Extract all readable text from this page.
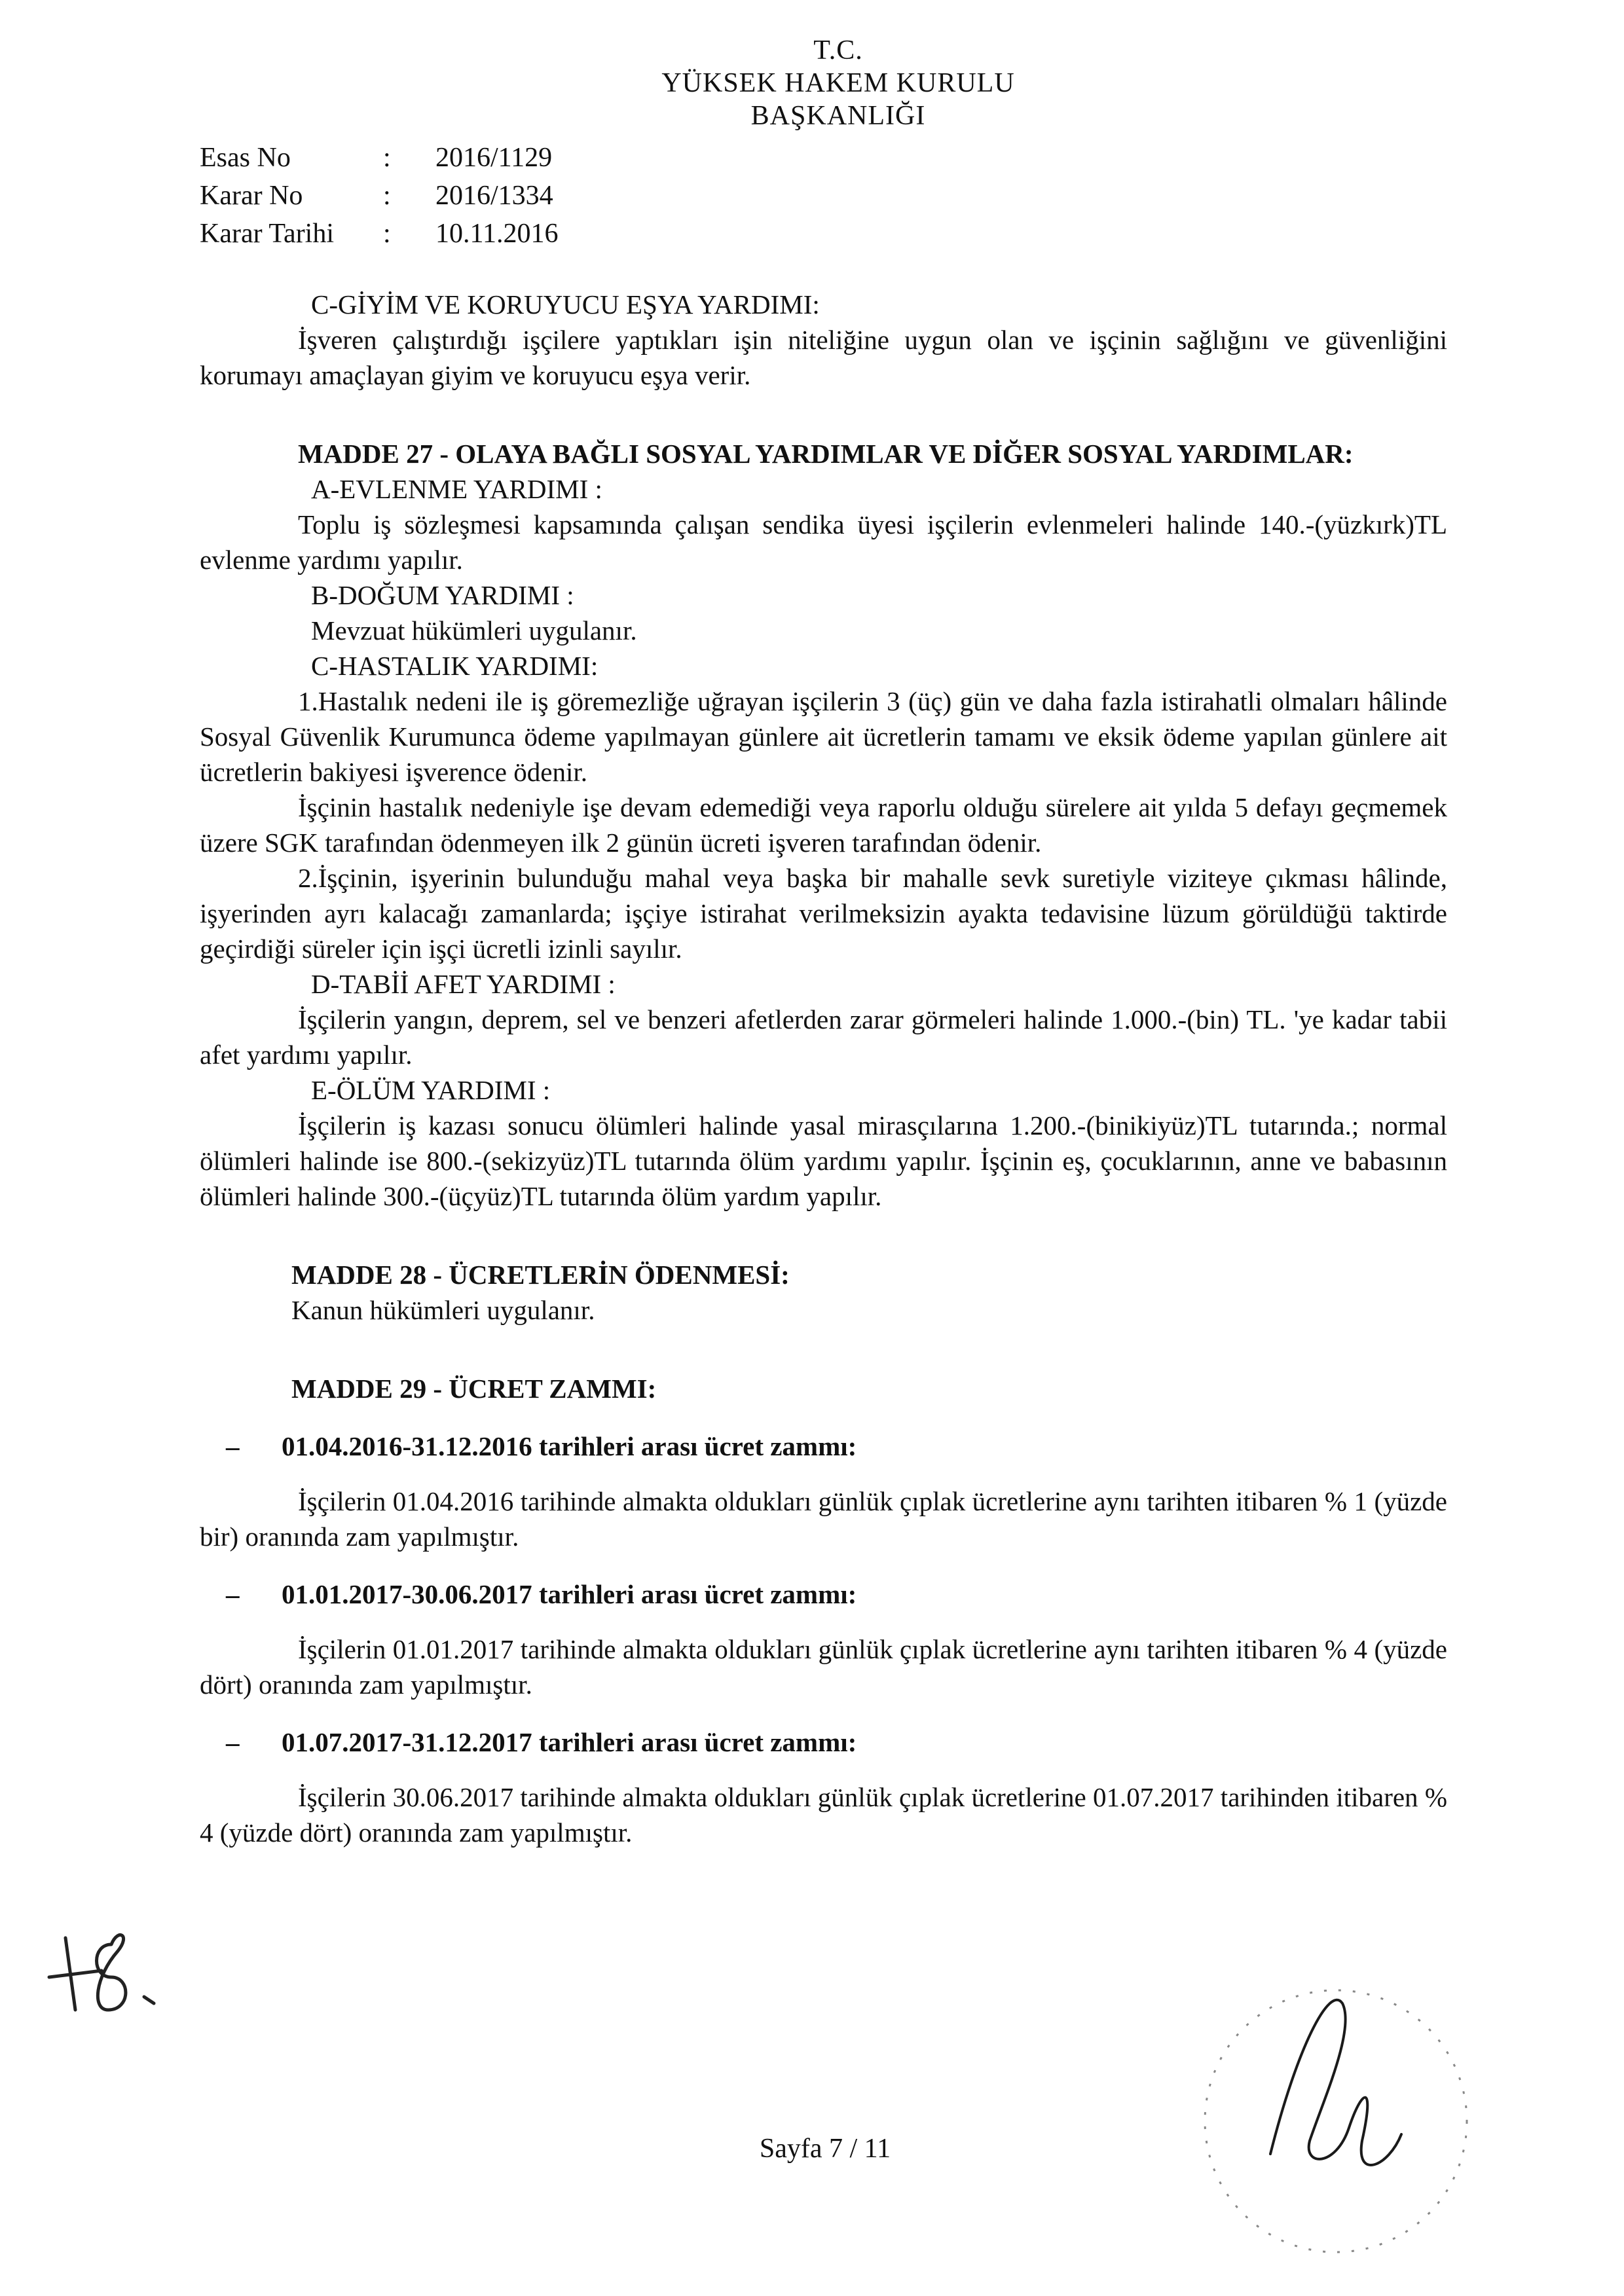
T.C.
YÜKSEK HAKEM KURULU
BAŞKANLIĞI
Esas No	:	2016/1129
Karar No	:	2016/1334
Karar Tarihi	:	10.11.2016

C-GİYİM VE KORUYUCU EŞYA YARDIMI:

İşveren çalıştırdığı işçilere yaptıkları işin niteliğine uygun olan ve işçinin sağlığını ve güvenliğini korumayı amaçlayan giyim ve koruyucu eşya verir.

MADDE 27 - OLAYA BAĞLI SOSYAL YARDIMLAR VE DİĞER SOSYAL YARDIMLAR:

A-EVLENME YARDIMI :

Toplu iş sözleşmesi kapsamında çalışan sendika üyesi işçilerin evlenmeleri halinde 140.-(yüzkırk)TL evlenme yardımı yapılır.

B-DOĞUM YARDIMI :

Mevzuat hükümleri uygulanır.

C-HASTALIK YARDIMI:

1.Hastalık nedeni ile iş göremezliğe uğrayan işçilerin 3 (üç) gün ve daha fazla istirahatli olmaları hâlinde Sosyal Güvenlik Kurumunca ödeme yapılmayan günlere ait ücretlerin tamamı ve eksik ödeme yapılan günlere ait ücretlerin bakiyesi işverence ödenir.

İşçinin hastalık nedeniyle işe devam edemediği veya raporlu olduğu sürelere ait yılda 5 defayı geçmemek üzere SGK tarafından ödenmeyen ilk 2 günün ücreti işveren tarafından ödenir.

2.İşçinin, işyerinin bulunduğu mahal veya başka bir mahalle sevk suretiyle viziteye çıkması hâlinde, işyerinden ayrı kalacağı zamanlarda; işçiye istirahat verilmeksizin ayakta tedavisine lüzum görüldüğü taktirde geçirdiği süreler için işçi ücretli izinli sayılır.

D-TABİİ AFET YARDIMI :

İşçilerin yangın, deprem, sel ve benzeri afetlerden zarar görmeleri halinde 1.000.-(bin) TL. 'ye kadar tabii afet yardımı yapılır.

E-ÖLÜM YARDIMI :

İşçilerin iş kazası sonucu ölümleri halinde yasal mirasçılarına 1.200.-(binikiyüz)TL tutarında.; normal ölümleri halinde ise 800.-(sekizyüz)TL tutarında ölüm yardımı yapılır. İşçinin eş, çocuklarının, anne ve babasının ölümleri halinde 300.-(üçyüz)TL tutarında ölüm yardım yapılır.

MADDE 28 - ÜCRETLERİN ÖDENMESİ:

Kanun hükümleri uygulanır.

MADDE 29 - ÜCRET ZAMMI:

–	01.04.2016-31.12.2016 tarihleri arası ücret zammı:

İşçilerin 01.04.2016 tarihinde almakta oldukları günlük çıplak ücretlerine aynı tarihten itibaren % 1 (yüzde bir) oranında zam yapılmıştır.

–	01.01.2017-30.06.2017 tarihleri arası ücret zammı:

İşçilerin 01.01.2017 tarihinde almakta oldukları günlük çıplak ücretlerine aynı tarihten itibaren % 4 (yüzde dört) oranında zam yapılmıştır.

–	01.07.2017-31.12.2017 tarihleri arası ücret zammı:

İşçilerin 30.06.2017 tarihinde almakta oldukları günlük çıplak ücretlerine 01.07.2017 tarihinden itibaren % 4 (yüzde dört) oranında zam yapılmıştır.

Sayfa 7 / 11
